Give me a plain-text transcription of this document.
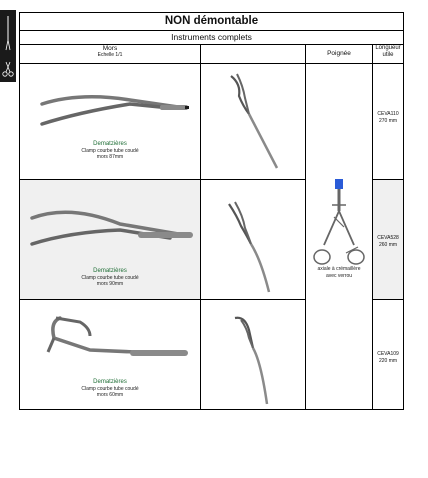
NON démontable
Instruments complets
Mors
Echelle 1/1	Poignée
Longueur
utile
Dematzières
Clamp courbe tube coudé
mors 87mm
CEVA110
270 mm
Dematzières
Clamp courbe tube coudé
mors 90mm
CEVA528
260 mm
axiale à crémaillère
avec verrou
Dematzières
Clamp courbe tube coudé
mors 60mm
CEVA109
220 mm
